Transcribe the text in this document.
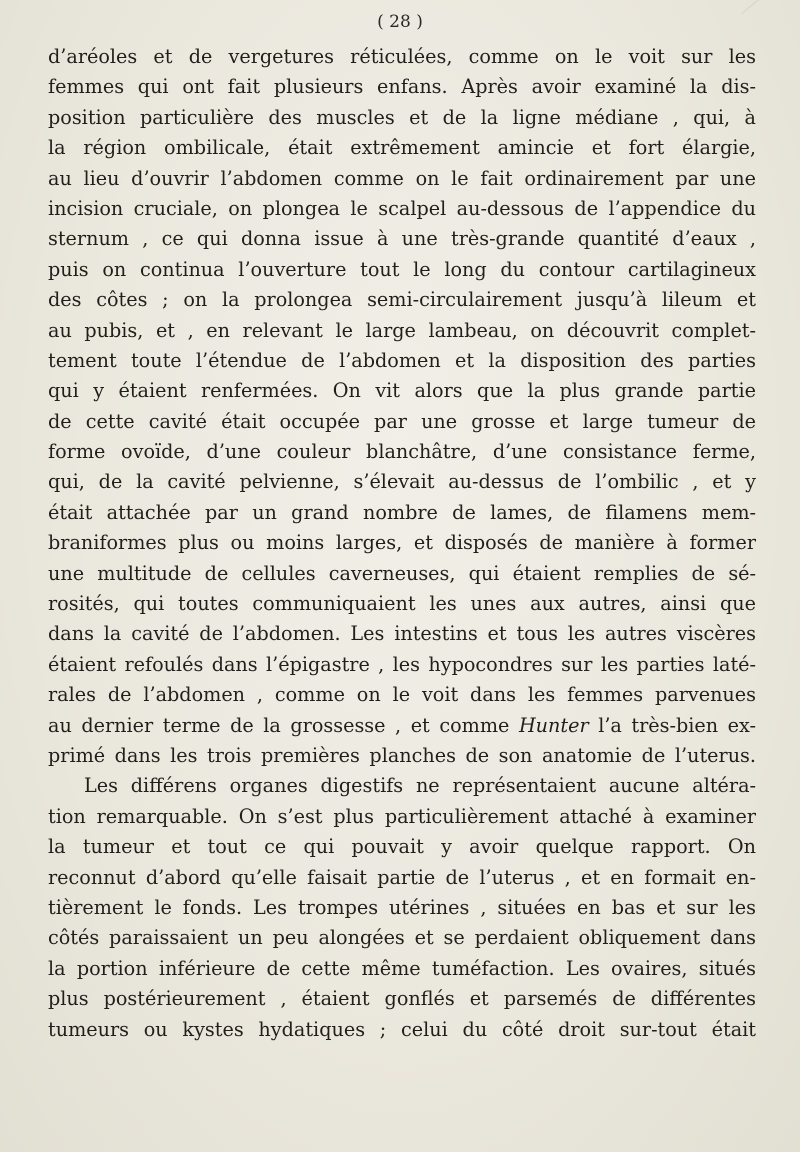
( 28 )
d’aréoles et de vergetures réticulées, comme on le voit sur les
femmes qui ont fait plusieurs enfans. Après avoir examiné la dis-
position particulière des muscles et de la ligne médiane , qui, à
la région ombilicale, était extrêmement amincie et fort élargie,
au lieu d’ouvrir l’abdomen comme on le fait ordinairement par une
incision cruciale, on plongea le scalpel au-dessous de l’appendice du
sternum , ce qui donna issue à une très-grande quantité d’eaux ,
puis on continua l’ouverture tout le long du contour cartilagineux
des côtes ; on la prolongea semi-circulairement jusqu’à lileum et
au pubis, et , en relevant le large lambeau, on découvrit complet-
tement toute l’étendue de l’abdomen et la disposition des parties
qui y étaient renfermées. On vit alors que la plus grande partie
de cette cavité était occupée par une grosse et large tumeur de
forme ovoïde, d’une couleur blanchâtre, d’une consistance ferme,
qui, de la cavité pelvienne, s’élevait au-dessus de l’ombilic , et y
était attachée par un grand nombre de lames, de filamens mem-
braniformes plus ou moins larges, et disposés de manière à former
une multitude de cellules caverneuses, qui étaient remplies de sé-
rosités, qui toutes communiquaient les unes aux autres, ainsi que
dans la cavité de l’abdomen. Les intestins et tous les autres viscères
étaient refoulés dans l’épigastre , les hypocondres sur les parties laté-
rales de l’abdomen , comme on le voit dans les femmes parvenues
au dernier terme de la grossesse , et comme Hunter l’a très-bien ex-
primé dans les trois premières planches de son anatomie de l’uterus.
Les différens organes digestifs ne représentaient aucune altéra-
tion remarquable. On s’est plus particulièrement attaché à examiner
la tumeur et tout ce qui pouvait y avoir quelque rapport. On
reconnut d’abord qu’elle faisait partie de l’uterus , et en formait en-
tièrement le fonds. Les trompes utérines , situées en bas et sur les
côtés paraissaient un peu alongées et se perdaient obliquement dans
la portion inférieure de cette même tuméfaction. Les ovaires, situés
plus postérieurement , étaient gonflés et parsemés de différentes
tumeurs ou kystes hydatiques ; celui du côté droit sur-tout était
